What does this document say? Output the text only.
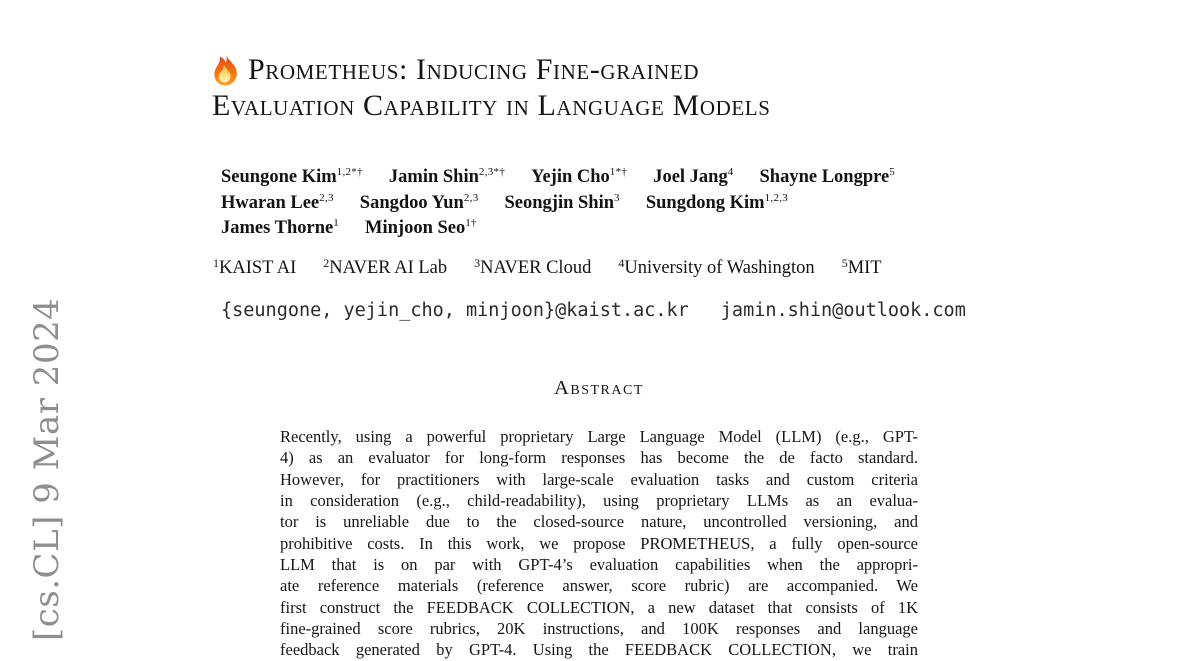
[cs.CL] 9 Mar 2024
Prometheus: Inducing Fine-grained
Evaluation Capability in Language Models
Seungone Kim$^{1,2*\dagger}$ Jamin Shin$^{2,3*\dagger}$ Yejin Cho$^{1*\dagger}$ Joel Jang$^4$ Shayne Longpre$^5$
Hwaran Lee$^{2,3}$ Sangdoo Yun$^{2,3}$ Seongjin Shin$^3$ Sungdong Kim$^{1,2,3}$
James Thorne$^1$ Minjoon Seo$^{1\dagger}$
$^1$KAIST AI $^2$NAVER AI Lab $^3$NAVER Cloud $^4$University of Washington $^5$MIT
{seungone, yejin_cho, minjoon}@kaist.ac.kr jamin.shin@outlook.com
Abstract
Recently, using a powerful proprietary Large Language Model (LLM) (e.g., GPT-
4) as an evaluator for long-form responses has become the de facto standard.
However, for practitioners with large-scale evaluation tasks and custom criteria
in consideration (e.g., child-readability), using proprietary LLMs as an evalua-
tor is unreliable due to the closed-source nature, uncontrolled versioning, and
prohibitive costs. In this work, we propose PROMETHEUS, a fully open-source
LLM that is on par with GPT-4’s evaluation capabilities when the appropri-
ate reference materials (reference answer, score rubric) are accompanied. We
first construct the FEEDBACK COLLECTION, a new dataset that consists of 1K
fine-grained score rubrics, 20K instructions, and 100K responses and language
feedback generated by GPT-4. Using the FEEDBACK COLLECTION, we train
